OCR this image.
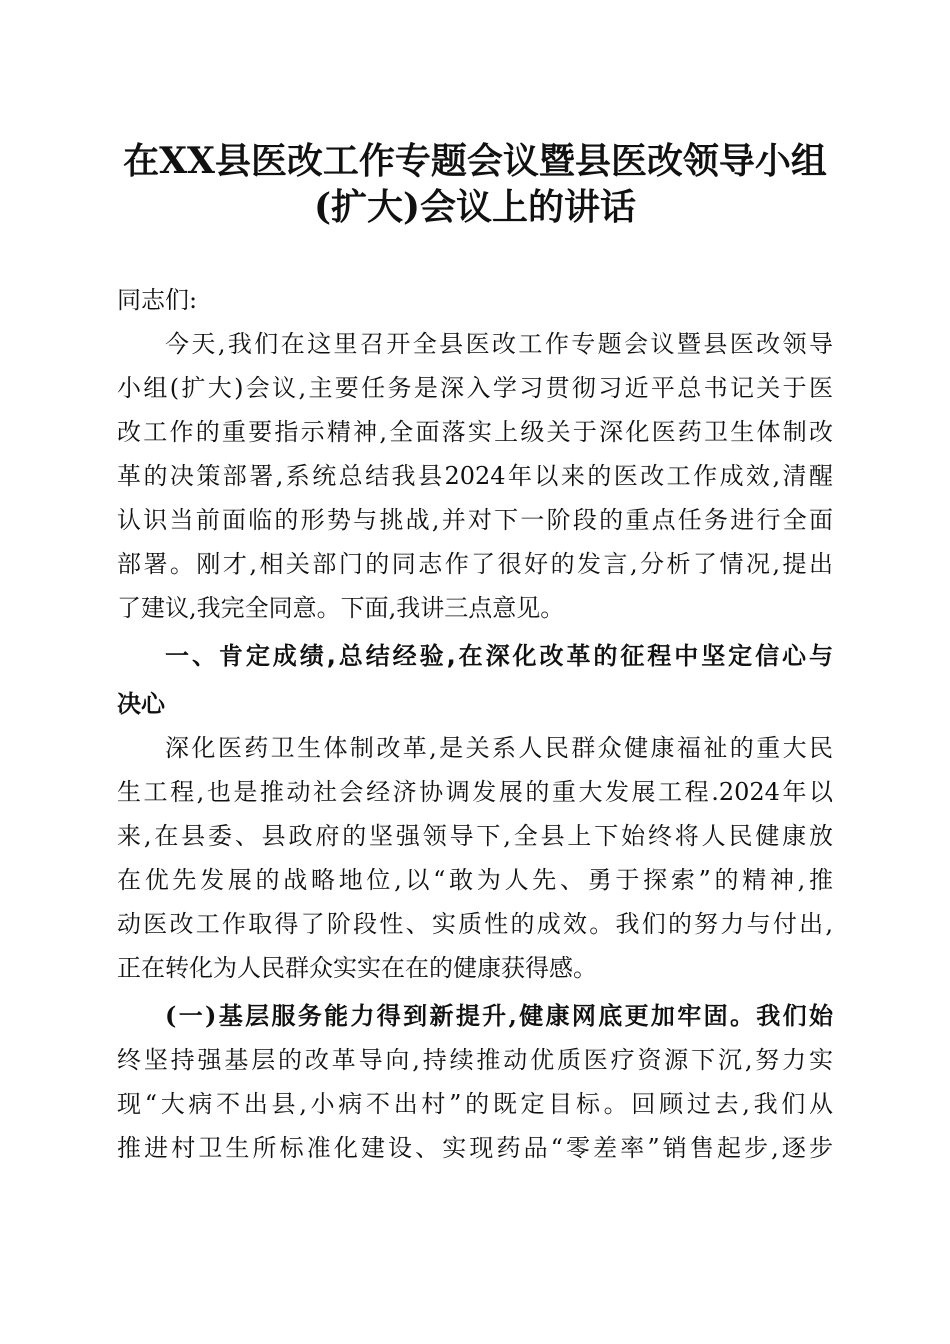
在XX县医改工作专题会议暨县医改领导小组
(扩大)会议上的讲话
同志们:
今天,我们在这里召开全县医改工作专题会议暨县医改领导
小组(扩大)会议,主要任务是深入学习贯彻习近平总书记关于医
改工作的重要指示精神,全面落实上级关于深化医药卫生体制改
革的决策部署,系统总结我县2024年以来的医改工作成效,清醒
认识当前面临的形势与挑战,并对下一阶段的重点任务进行全面
部署。刚才,相关部门的同志作了很好的发言,分析了情况,提出
了建议,我完全同意。下面,我讲三点意见。
一、肯定成绩,总结经验,在深化改革的征程中坚定信心与
决心
深化医药卫生体制改革,是关系人民群众健康福祉的重大民
生工程,也是推动社会经济协调发展的重大发展工程.2024年以
来,在县委、县政府的坚强领导下,全县上下始终将人民健康放
在优先发展的战略地位,以“敢为人先、勇于探索”的精神,推
动医改工作取得了阶段性、实质性的成效。我们的努力与付出,
正在转化为人民群众实实在在的健康获得感。
(一)基层服务能力得到新提升,健康网底更加牢固。我们始
终坚持强基层的改革导向,持续推动优质医疗资源下沉,努力实
现“大病不出县,小病不出村”的既定目标。回顾过去,我们从
推进村卫生所标准化建设、实现药品“零差率”销售起步,逐步
